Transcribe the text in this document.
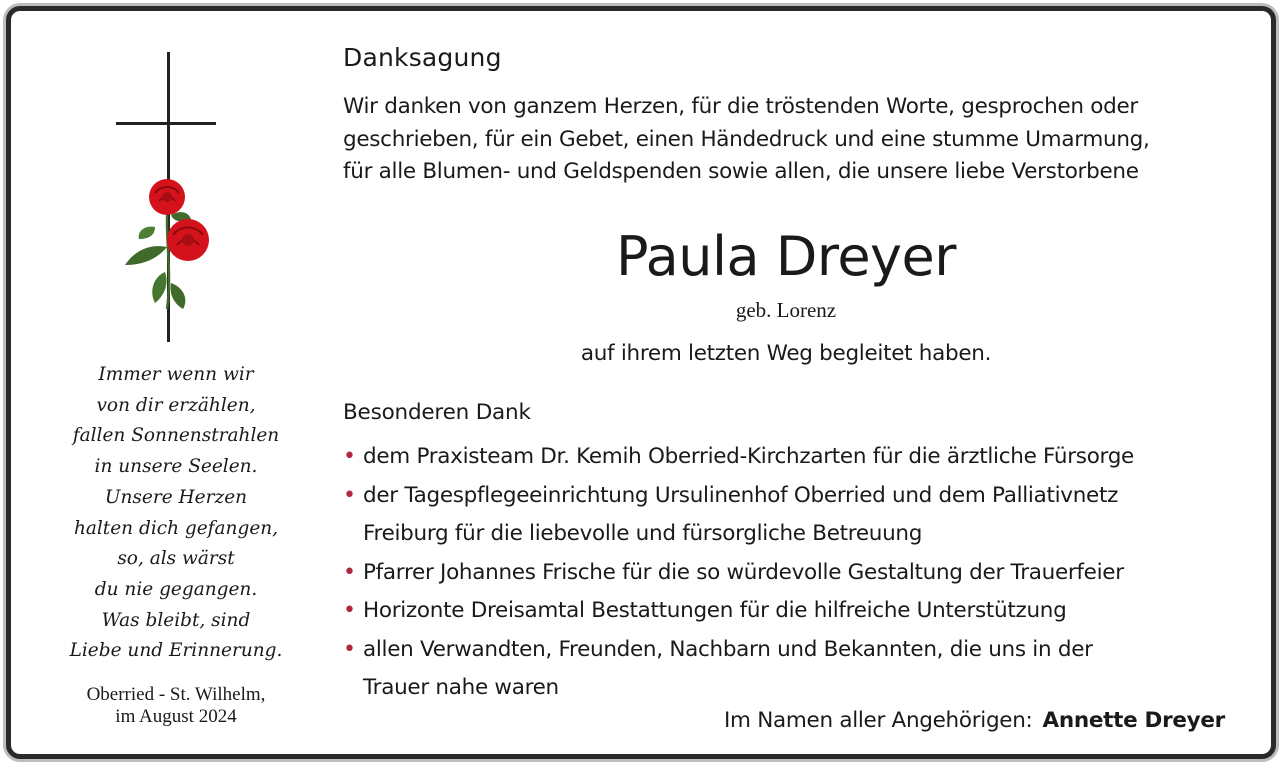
Immer wenn wir
von dir erzählen,
fallen Sonnenstrahlen
in unsere Seelen.
Unsere Herzen
halten dich gefangen,
so, als wärst
du nie gegangen.
Was bleibt, sind
Liebe und Erinnerung.
Oberried - St. Wilhelm,
im August 2024
Danksagung
Wir danken von ganzem Herzen, für die tröstenden Worte, gesprochen oder
geschrieben, für ein Gebet, einen Händedruck und eine stumme Umarmung,
für alle Blumen- und Geldspenden sowie allen, die unsere liebe Verstorbene
Paula Dreyer
geb. Lorenz
auf ihrem letzten Weg begleitet haben.
Besonderen Dank
• dem Praxisteam Dr. Kemih Oberried-Kirchzarten für die ärztliche Fürsorge
• der Tagespflegeeinrichtung Ursulinenhof Oberried und dem Palliativnetz
Freiburg für die liebevolle und fürsorgliche Betreuung
• Pfarrer Johannes Frische für die so würdevolle Gestaltung der Trauerfeier
• Horizonte Dreisamtal Bestattungen für die hilfreiche Unterstützung
• allen Verwandten, Freunden, Nachbarn und Bekannten, die uns in der
Trauer nahe waren
Im Namen aller Angehörigen: Annette Dreyer
